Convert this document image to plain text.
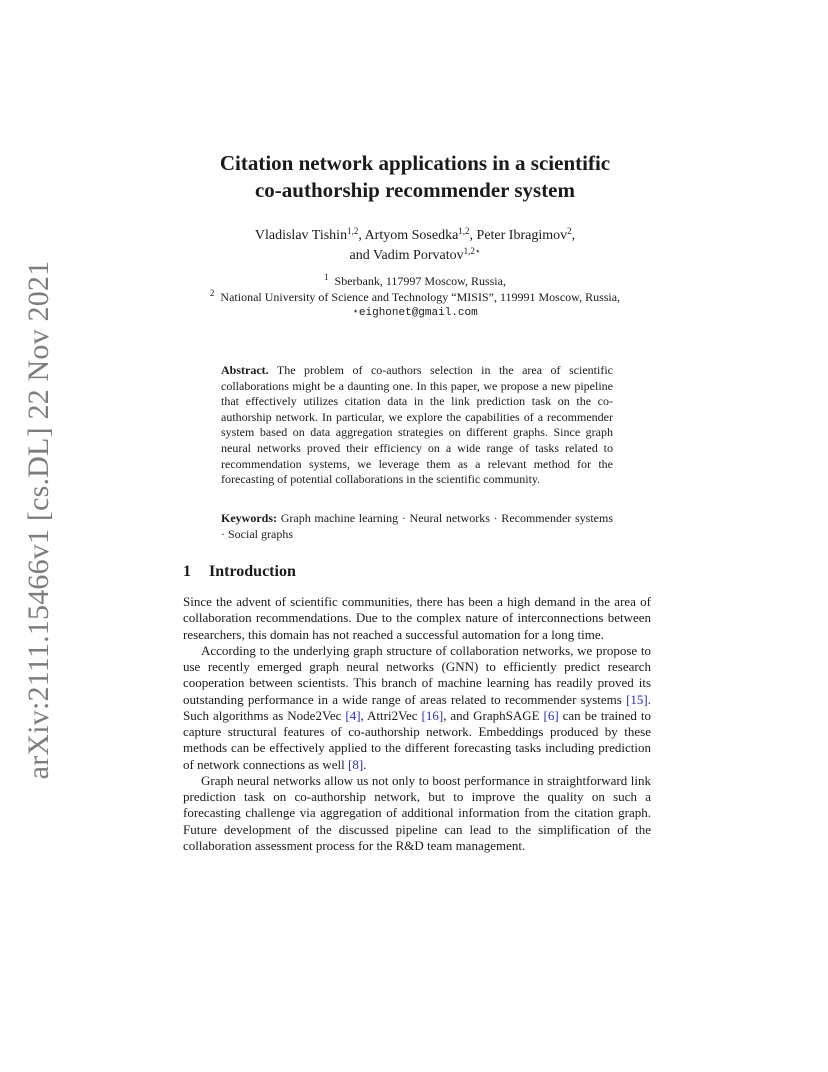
arXiv:2111.15466v1 [cs.DL] 22 Nov 2021
Citation network applications in a scientific
co-authorship recommender system
Vladislav Tishin$^{1,2}$, Artyom Sosedka$^{1,2}$, Peter Ibragimov$^2$,
and Vadim Porvatov$^{1,2⋆}$
$^1$ Sberbank, 117997 Moscow, Russia,
$^2$ National University of Science and Technology “MISIS”, 119991 Moscow, Russia,
⋆eighonet@gmail.com
Abstract. The problem of co-authors selection in the area of scientific collaborations might be a daunting one. In this paper, we propose a new pipeline that effectively utilizes citation data in the link prediction task on the co-authorship network. In particular, we explore the capabilities of a recommender system based on data aggregation strategies on different graphs. Since graph neural networks proved their efficiency on a wide range of tasks related to recommendation systems, we leverage them as a relevant method for the forecasting of potential collaborations in the scientific community.
Keywords: Graph machine learning · Neural networks · Recommender systems · Social graphs
1 Introduction

Since the advent of scientific communities, there has been a high demand in the area of collaboration recommendations. Due to the complex nature of interconnections between researchers, this domain has not reached a successful automation for a long time.

According to the underlying graph structure of collaboration networks, we propose to use recently emerged graph neural networks (GNN) to efficiently predict research cooperation between scientists. This branch of machine learning has readily proved its outstanding performance in a wide range of areas related to recommender systems [15]. Such algorithms as Node2Vec [4], Attri2Vec [16], and GraphSAGE [6] can be trained to capture structural features of co-authorship network. Embeddings produced by these methods can be effectively applied to the different forecasting tasks including prediction of network connections as well [8].

Graph neural networks allow us not only to boost performance in straightforward link prediction task on co-authorship network, but to improve the quality on such a forecasting challenge via aggregation of additional information from the citation graph. Future development of the discussed pipeline can lead to the simplification of the collaboration assessment process for the R&D team management.
